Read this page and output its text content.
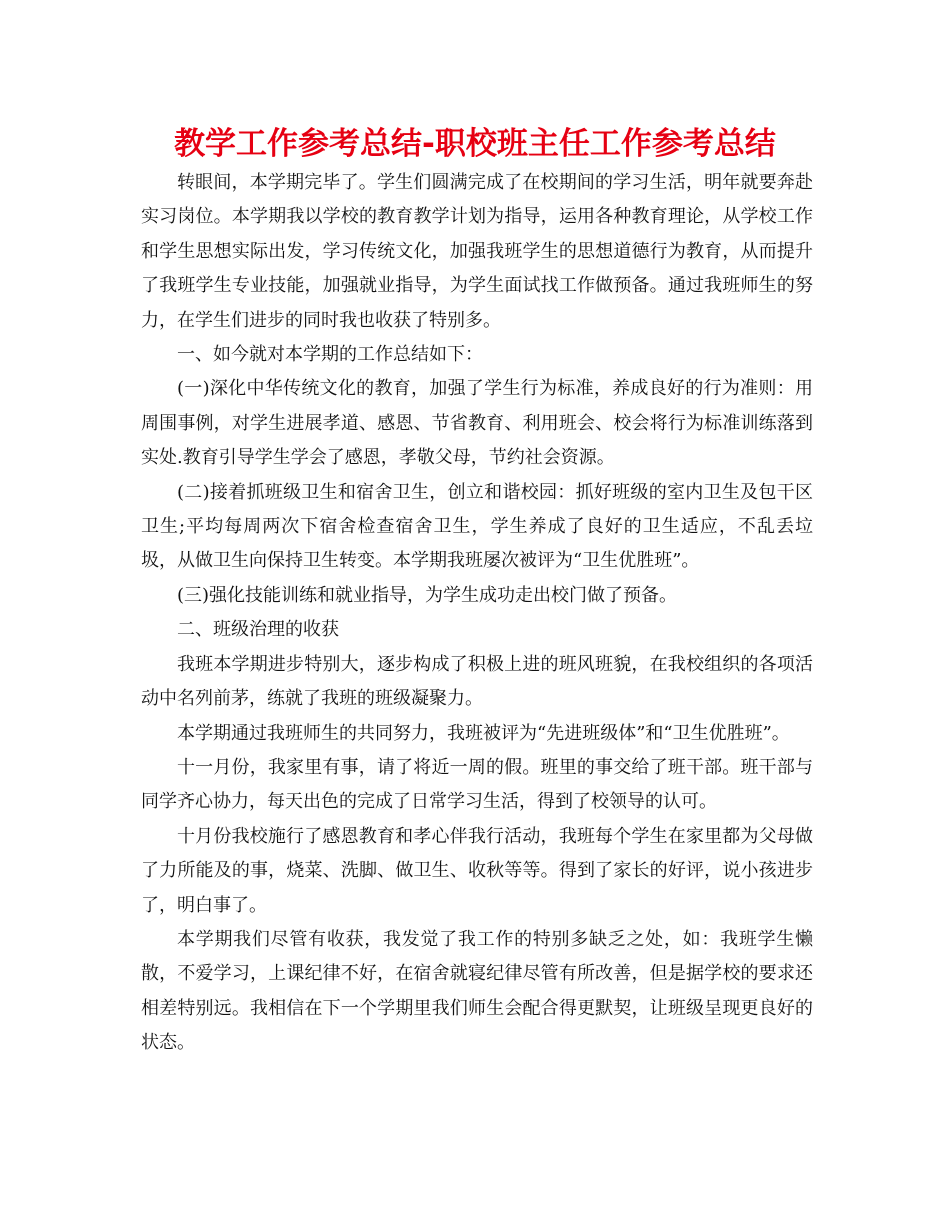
教学工作参考总结-职校班主任工作参考总结

转眼间，本学期完毕了。学生们圆满完成了在校期间的学习生活，明年就要奔赴实习岗位。本学期我以学校的教育教学计划为指导，运用各种教育理论，从学校工作和学生思想实际出发，学习传统文化，加强我班学生的思想道德行为教育，从而提升了我班学生专业技能，加强就业指导，为学生面试找工作做预备。通过我班师生的努力，在学生们进步的同时我也收获了特别多。

一、如今就对本学期的工作总结如下：

(一)深化中华传统文化的教育，加强了学生行为标准，养成良好的行为准则：用周围事例，对学生进展孝道、感恩、节省教育、利用班会、校会将行为标准训练落到实处.教育引导学生学会了感恩，孝敬父母，节约社会资源。

(二)接着抓班级卫生和宿舍卫生，创立和谐校园：抓好班级的室内卫生及包干区卫生;平均每周两次下宿舍检查宿舍卫生，学生养成了良好的卫生适应，不乱丢垃圾，从做卫生向保持卫生转变。本学期我班屡次被评为“卫生优胜班”。

(三)强化技能训练和就业指导，为学生成功走出校门做了预备。

二、班级治理的收获

我班本学期进步特别大，逐步构成了积极上进的班风班貌，在我校组织的各项活动中名列前茅，练就了我班的班级凝聚力。

本学期通过我班师生的共同努力，我班被评为“先进班级体”和“卫生优胜班”。

十一月份，我家里有事，请了将近一周的假。班里的事交给了班干部。班干部与同学齐心协力，每天出色的完成了日常学习生活，得到了校领导的认可。

十月份我校施行了感恩教育和孝心伴我行活动，我班每个学生在家里都为父母做了力所能及的事，烧菜、洗脚、做卫生、收秋等等。得到了家长的好评，说小孩进步了，明白事了。

本学期我们尽管有收获，我发觉了我工作的特别多缺乏之处，如：我班学生懒散，不爱学习，上课纪律不好，在宿舍就寝纪律尽管有所改善，但是据学校的要求还相差特别远。我相信在下一个学期里我们师生会配合得更默契，让班级呈现更良好的状态。
